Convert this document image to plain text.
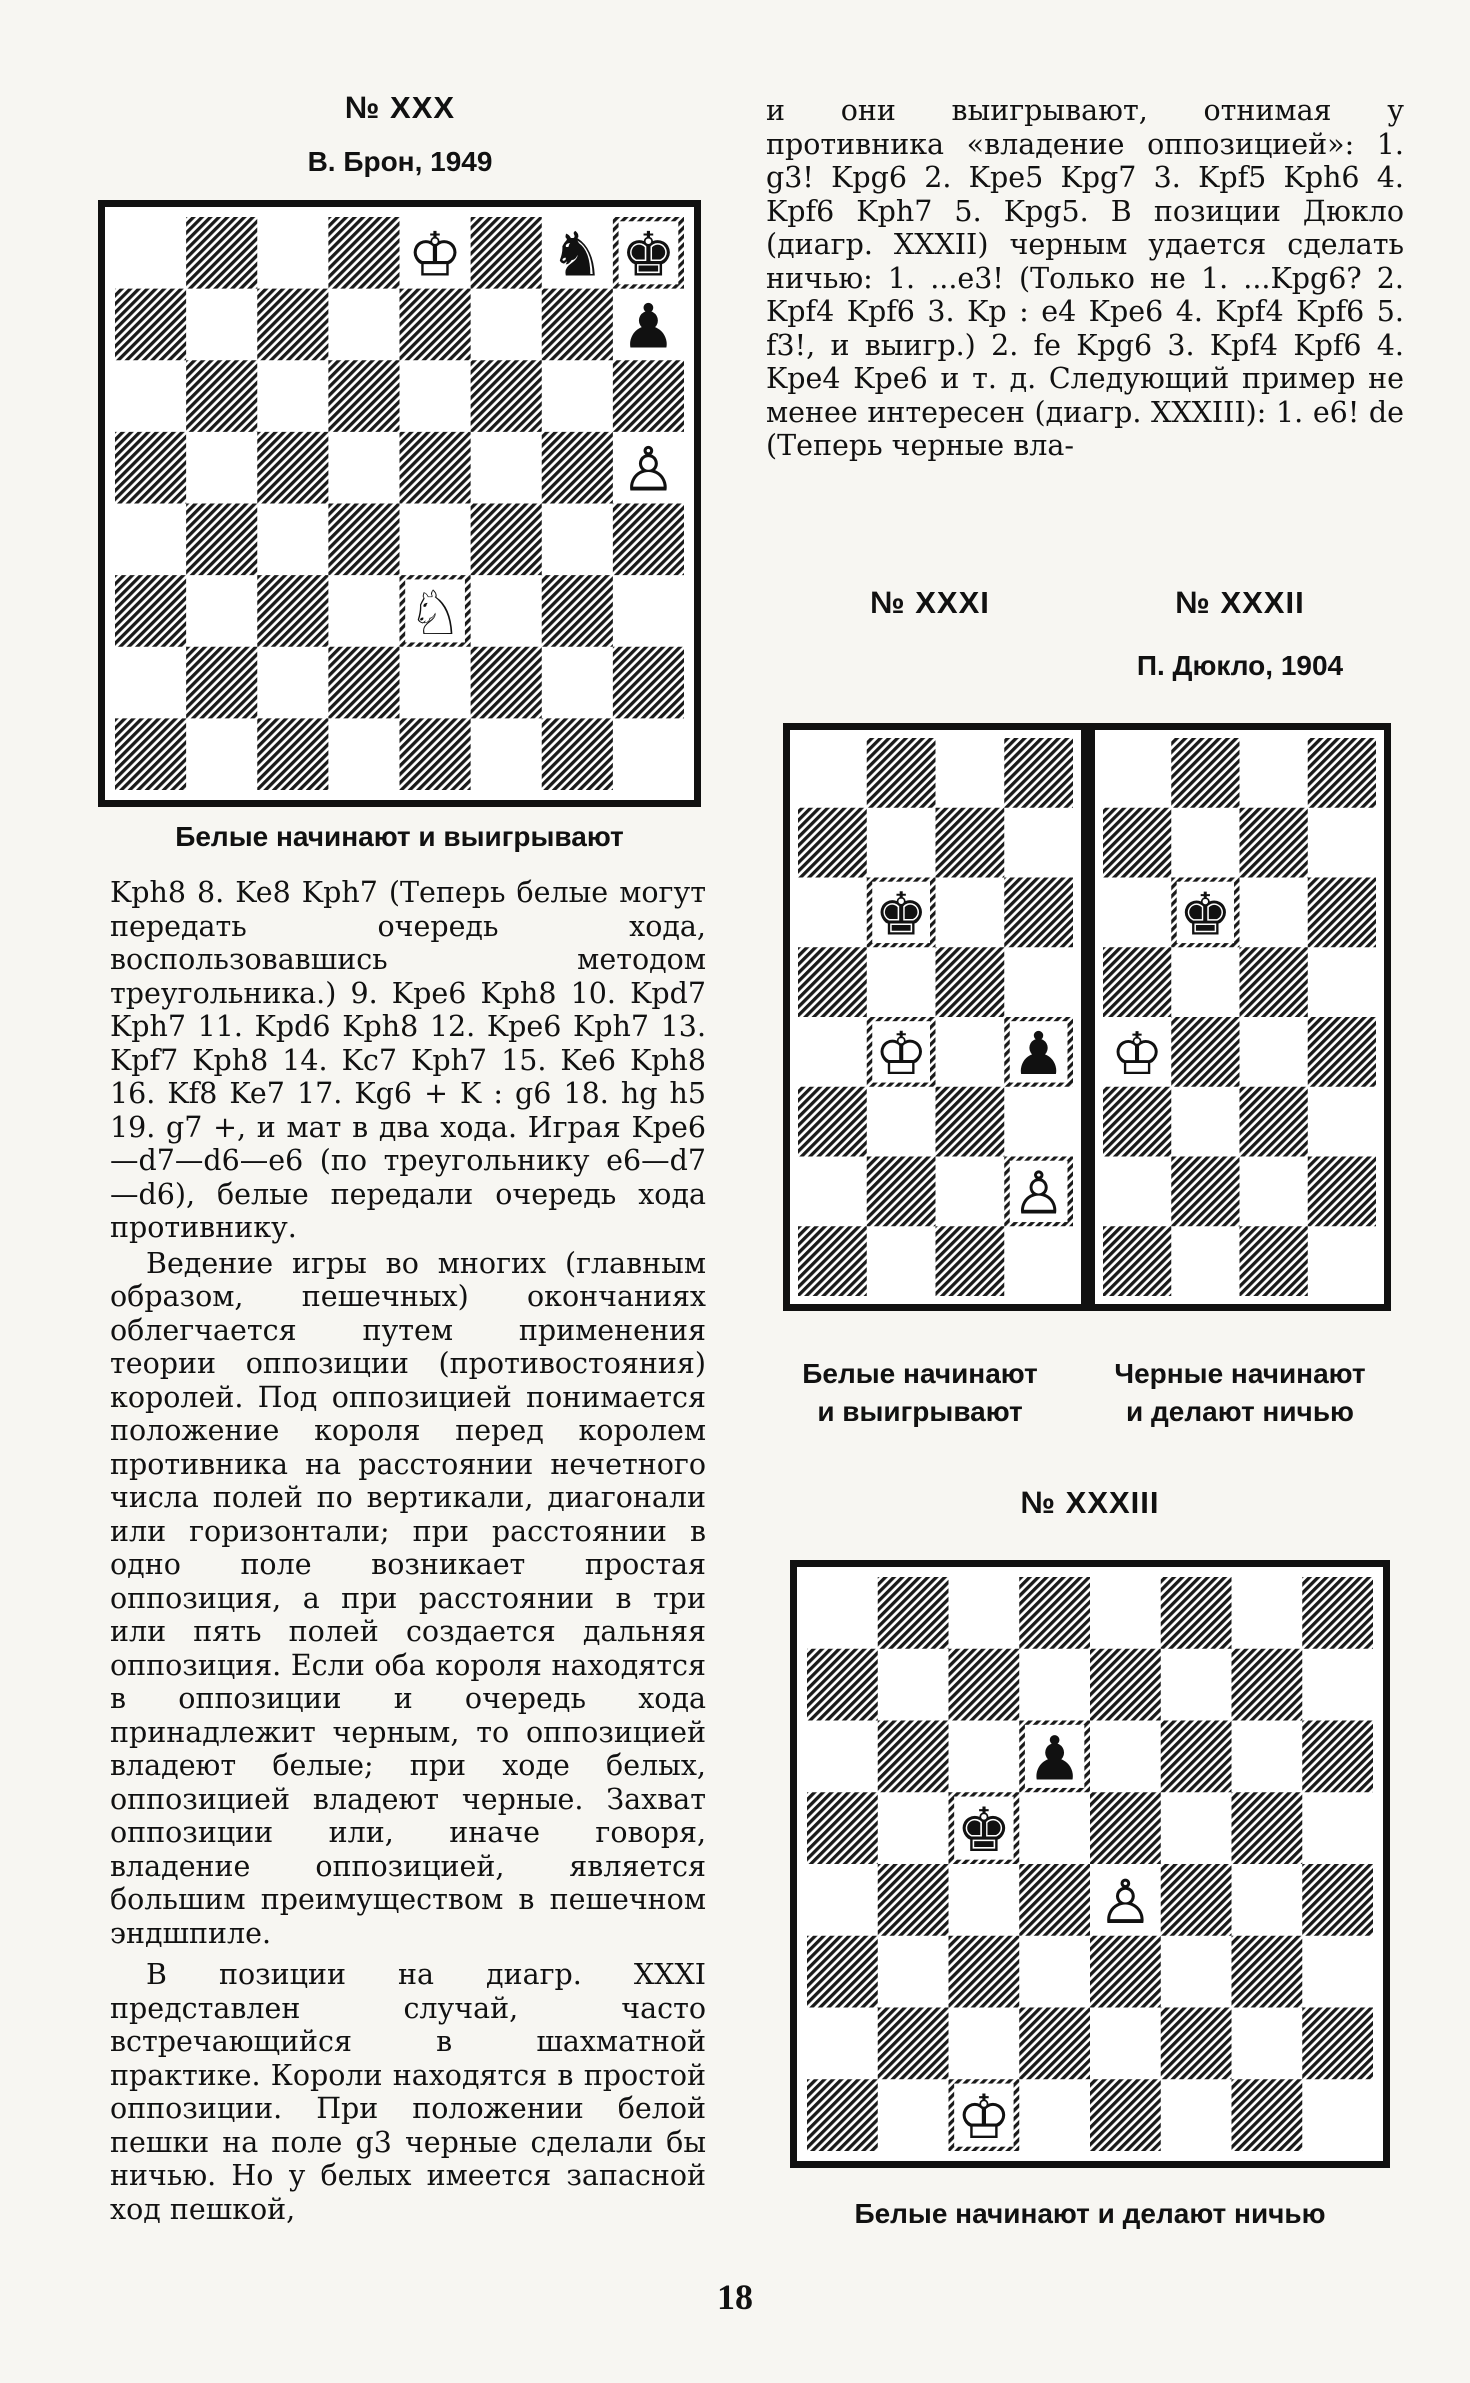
№ XXX
В. Брон, 1949
♔ ♞ ♚
♟
♙
♘
Белые начинают и выигрывают

Kph8 8. Ke8 Kph7 (Теперь белые могут передать очередь хода, воспользовавшись методом треугольника.) 9. Kpe6 Kph8 10. Kpd7 Kph7 11. Kpd6 Kph8 12. Kpe6 Kph7 13. Kpf7 Kph8 14. Kc7 Kph7 15. Ke6 Kph8 16. Kf8 Ke7 17. Kg6 + K : g6 18. hg h5 19. g7 +, и мат в два хода. Играя Kpe6—d7—d6—e6 (по треугольнику e6—d7—d6), белые передали очередь хода противнику.

Ведение игры во многих (главным образом, пешечных) окончаниях облегчается путем применения теории оппозиции (противостояния) королей. Под оппозицией понимается положение короля перед королем противника на расстоянии нечетного числа полей по вертикали, диагонали или горизонтали; при расстоянии в одно поле возникает простая оппозиция, а при расстоянии в три или пять полей создается дальняя оппозиция. Если оба короля находятся в оппозиции и очередь хода принадлежит черным, то оппозицией владеют белые; при ходе белых, оппозицией владеют черные. Захват оппозиции или, иначе говоря, владение оппозицией, является большим преимуществом в пешечном эндшпиле.

В позиции на диагр. XXXI представлен случай, часто встречающийся в шахматной практике. Короли находятся в простой оппозиции. При положении белой пешки на поле g3 черные сделали бы ничью. Но у белых имеется запасной ход пешкой,

и они выигрывают, отнимая у противника «владение оппозицией»: 1. g3! Kpg6 2. Kpe5 Kpg7 3. Kpf5 Kph6 4. Kpf6 Kph7 5. Kpg5. В позиции Дюкло (диагр. XXXII) черным удается сделать ничью: 1. ...e3! (Только не 1. ...Kpg6? 2. Kpf4 Kpf6 3. Kp : e4 Kpe6 4. Kpf4 Kpf6 5. f3!, и выигр.) 2. fe Kpg6 3. Kpf4 Kpf6 4. Kpe4 Kpe6 и т. д. Следующий пример не менее интересен (диагр. XXXIII): 1. e6! de (Теперь черные вла-

№ XXXI	№ XXXII
П. Дюкло, 1904
♚
♔ ♟
♙
♚
♔
Белые начинают
и выигрывают
Черные начинают
и делают ничью
№ XXXIII
♟
♚
♙
♔
Белые начинают и делают ничью
18
